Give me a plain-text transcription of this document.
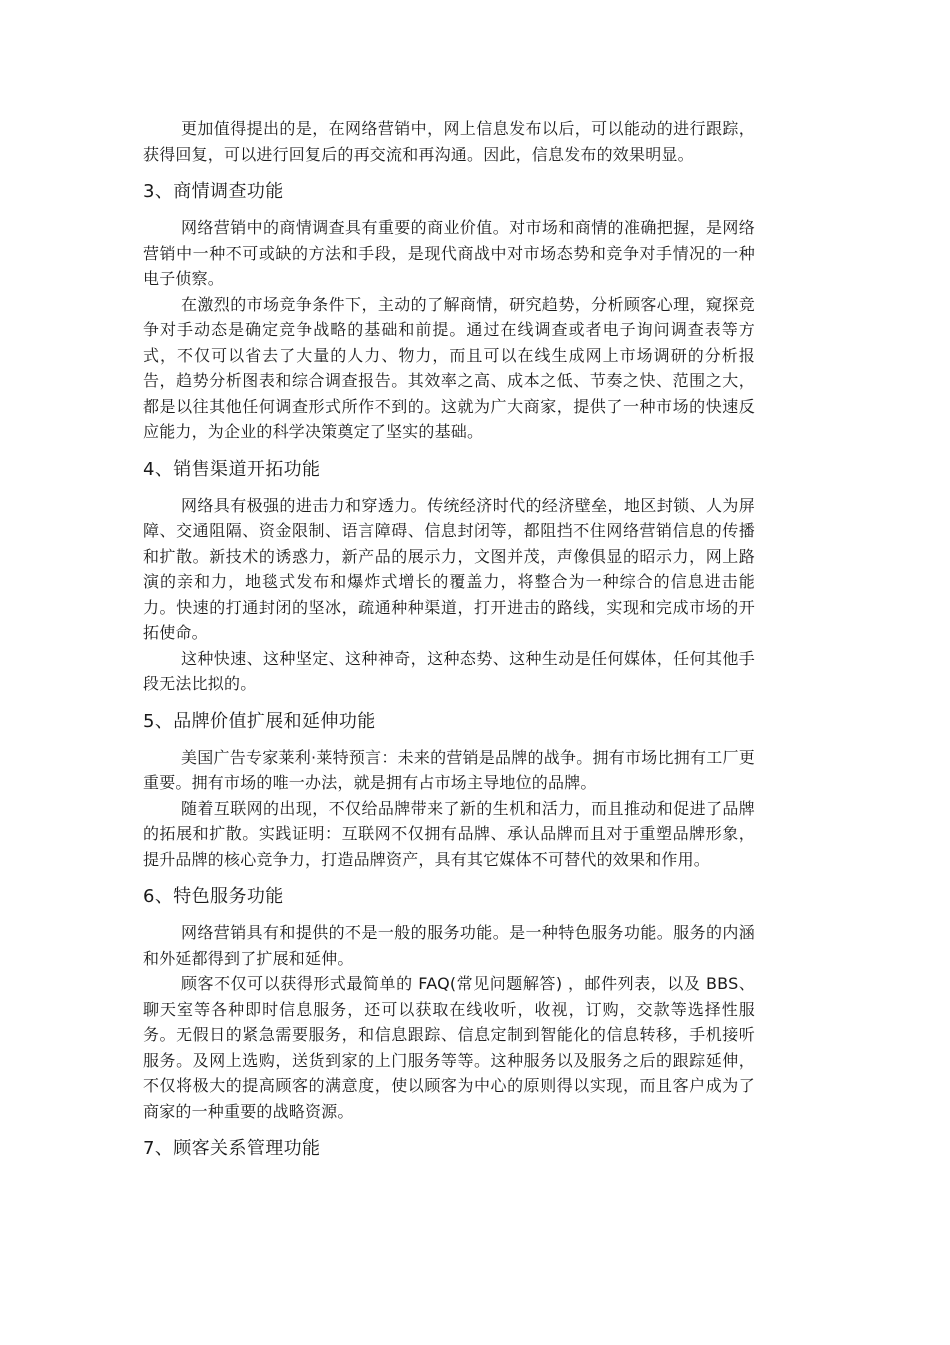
更加值得提出的是，在网络营销中，网上信息发布以后，可以能动的进行跟踪，获得回复，可以进行回复后的再交流和再沟通。因此，信息发布的效果明显。

3、商情调查功能

网络营销中的商情调查具有重要的商业价值。对市场和商情的准确把握，是网络营销中一种不可或缺的方法和手段，是现代商战中对市场态势和竞争对手情况的一种电子侦察。

在激烈的市场竞争条件下，主动的了解商情，研究趋势，分析顾客心理，窥探竞争对手动态是确定竞争战略的基础和前提。通过在线调查或者电子询问调查表等方式，不仅可以省去了大量的人力、物力，而且可以在线生成网上市场调研的分析报告，趋势分析图表和综合调查报告。其效率之高、成本之低、节奏之快、范围之大，都是以往其他任何调查形式所作不到的。这就为广大商家，提供了一种市场的快速反应能力，为企业的科学决策奠定了坚实的基础。

4、销售渠道开拓功能

网络具有极强的进击力和穿透力。传统经济时代的经济壁垒，地区封锁、人为屏障、交通阻隔、资金限制、语言障碍、信息封闭等，都阻挡不住网络营销信息的传播和扩散。新技术的诱惑力，新产品的展示力，文图并茂，声像俱显的昭示力，网上路演的亲和力，地毯式发布和爆炸式增长的覆盖力，将整合为一种综合的信息进击能力。快速的打通封闭的坚冰，疏通种种渠道，打开进击的路线，实现和完成市场的开拓使命。

这种快速、这种坚定、这种神奇，这种态势、这种生动是任何媒体，任何其他手段无法比拟的。

5、品牌价值扩展和延伸功能

美国广告专家莱利·莱特预言：未来的营销是品牌的战争。拥有市场比拥有工厂更重要。拥有市场的唯一办法，就是拥有占市场主导地位的品牌。

随着互联网的出现，不仅给品牌带来了新的生机和活力，而且推动和促进了品牌的拓展和扩散。实践证明：互联网不仅拥有品牌、承认品牌而且对于重塑品牌形象，提升品牌的核心竞争力，打造品牌资产，具有其它媒体不可替代的效果和作用。

6、特色服务功能

网络营销具有和提供的不是一般的服务功能。是一种特色服务功能。服务的内涵和外延都得到了扩展和延伸。

顾客不仅可以获得形式最简单的 FAQ(常见问题解答) ，邮件列表，以及 BBS、聊天室等各种即时信息服务，还可以获取在线收听，收视，订购，交款等选择性服务。无假日的紧急需要服务，和信息跟踪、信息定制到智能化的信息转移，手机接听服务。及网上选购，送货到家的上门服务等等。这种服务以及服务之后的跟踪延伸，不仅将极大的提高顾客的满意度，使以顾客为中心的原则得以实现，而且客户成为了商家的一种重要的战略资源。

7、顾客关系管理功能
